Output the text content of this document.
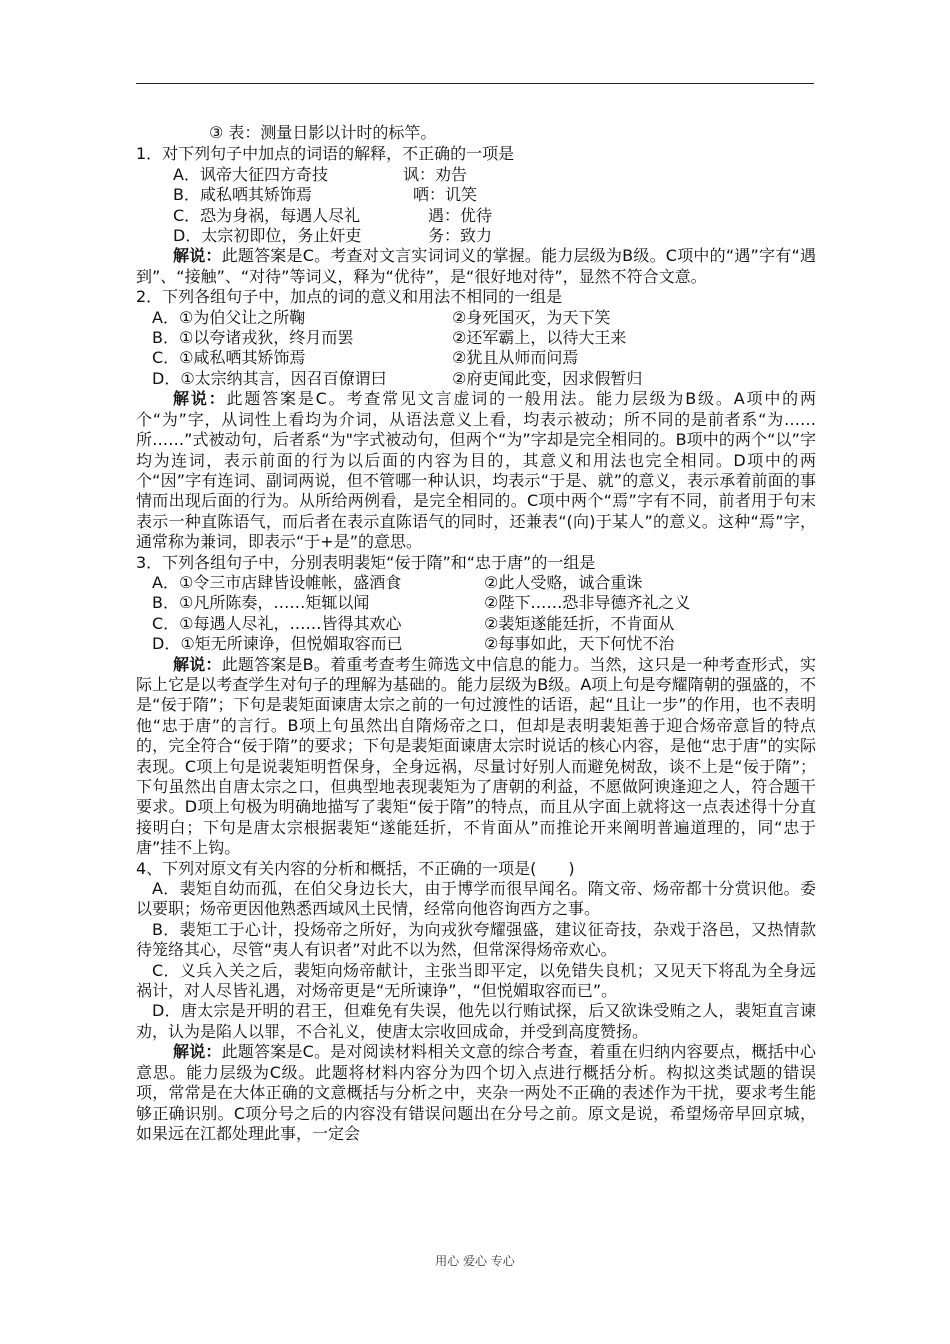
③ 表：测量日影以计时的标竿。
1．对下列句子中加点的词语的解释，不正确的一项是
A．讽帝大征四方奇技	讽：劝告
B．咸私哂其矫饰焉	哂：讥笑
C．恐为身祸，每遇人尽礼	遇：优待
D．太宗初即位，务止奸吏	务：致力
解说：此题答案是C。考查对文言实词词义的掌握。能力层级为B级。C项中的“遇”字有“遇到”、“接触”、“对待”等词义，释为“优待”，是“很好地对待”，显然不符合文意。
2．下列各组句子中，加点的词的意义和用法不相同的一组是
A．①为伯父让之所鞠	②身死国灭，为天下笑
B．①以夸诸戎狄，终月而罢	②还军霸上，以待大王来
C．①咸私哂其矫饰焉	②犹且从师而问焉
D．①太宗纳其言，因召百僚谓曰	②府吏闻此变，因求假暂归
解说：此题答案是C。考查常见文言虚词的一般用法。能力层级为B级。A项中的两个“为”字，从词性上看均为介词，从语法意义上看，均表示被动；所不同的是前者系“为……所……”式被动句，后者系“为"字式被动句，但两个“为”字却是完全相同的。B项中的两个“以”字均为连词，表示前面的行为以后面的内容为目的，其意义和用法也完全相同。D项中的两个“因”字有连词、副词两说，但不管哪一种认识，均表示“于是、就”的意义，表示承着前面的事情而出现后面的行为。从所给两例看，是完全相同的。C项中两个“焉”字有不同，前者用于句末表示一种直陈语气，而后者在表示直陈语气的同时，还兼表“(向)于某人”的意义。这种“焉”字，通常称为兼词，即表示“于+是”的意思。
3．下列各组句子中，分别表明裴矩“佞于隋”和“忠于唐”的一组是
A．①令三市店肆皆设帷帐，盛酒食	②此人受赂，诚合重诛
B．①凡所陈奏，……矩辄以闻	②陛下……恐非导德齐礼之义
C．①每遇人尽礼，……皆得其欢心	②裴矩遂能廷折，不肯面从
D．①矩无所谏诤，但悦媚取容而已	②每事如此，天下何忧不治
解说：此题答案是B。着重考查考生筛选文中信息的能力。当然，这只是一种考查形式，实际上它是以考查学生对句子的理解为基础的。能力层级为B级。A项上句是夸耀隋朝的强盛的，不是“佞于隋”；下句是裴矩面谏唐太宗之前的一句过渡性的话语，起“且让一步”的作用，也不表明他“忠于唐”的言行。B项上句虽然出自隋炀帝之口，但却是表明裴矩善于迎合炀帝意旨的特点的，完全符合“佞于隋”的要求；下句是裴矩面谏唐太宗时说话的核心内容，是他“忠于唐”的实际表现。C项上句是说裴矩明哲保身，全身远祸，尽量讨好别人而避免树敌，谈不上是“佞于隋”；下句虽然出自唐太宗之口，但典型地表现裴矩为了唐朝的利益，不愿做阿谀逢迎之人，符合题干要求。D项上句极为明确地描写了裴矩“佞于隋”的特点，而且从字面上就将这一点表述得十分直接明白；下句是唐太宗根据裴矩“遂能廷折，不肯面从”而推论开来阐明普遍道理的，同“忠于唐”挂不上钩。
4、下列对原文有关内容的分析和概括，不正确的一项是(　　)
A．裴矩自幼而孤，在伯父身边长大，由于博学而很早闻名。隋文帝、炀帝都十分赏识他。委以要职；炀帝更因他熟悉西域风土民情，经常向他咨询西方之事。
B．裴矩工于心计，投炀帝之所好，为向戎狄夸耀强盛，建议征奇技，杂戏于洛邑，又热情款待笼络其心，尽管“夷人有识者”对此不以为然，但常深得炀帝欢心。
C．义兵入关之后，裴矩向炀帝献计，主张当即平定，以免错失良机；又见天下将乱为全身远祸计，对人尽皆礼遇，对炀帝更是“无所谏诤”，“但悦媚取容而已”。
D．唐太宗是开明的君王，但难免有失误，他先以行贿试探，后又欲诛受贿之人，裴矩直言谏劝，认为是陷人以罪，不合礼义，使唐太宗收回成命，并受到高度赞扬。
解说：此题答案是C。是对阅读材料相关文意的综合考查，着重在归纳内容要点，概括中心意思。能力层级为C级。此题将材料内容分为四个切入点进行概括分析。构拟这类试题的错误项，常常是在大体正确的文意概括与分析之中，夹杂一两处不正确的表述作为干扰，要求考生能够正确识别。C项分号之后的内容没有错误问题出在分号之前。原文是说，希望炀帝早回京城，如果远在江都处理此事，一定会
用心 爱心 专心
